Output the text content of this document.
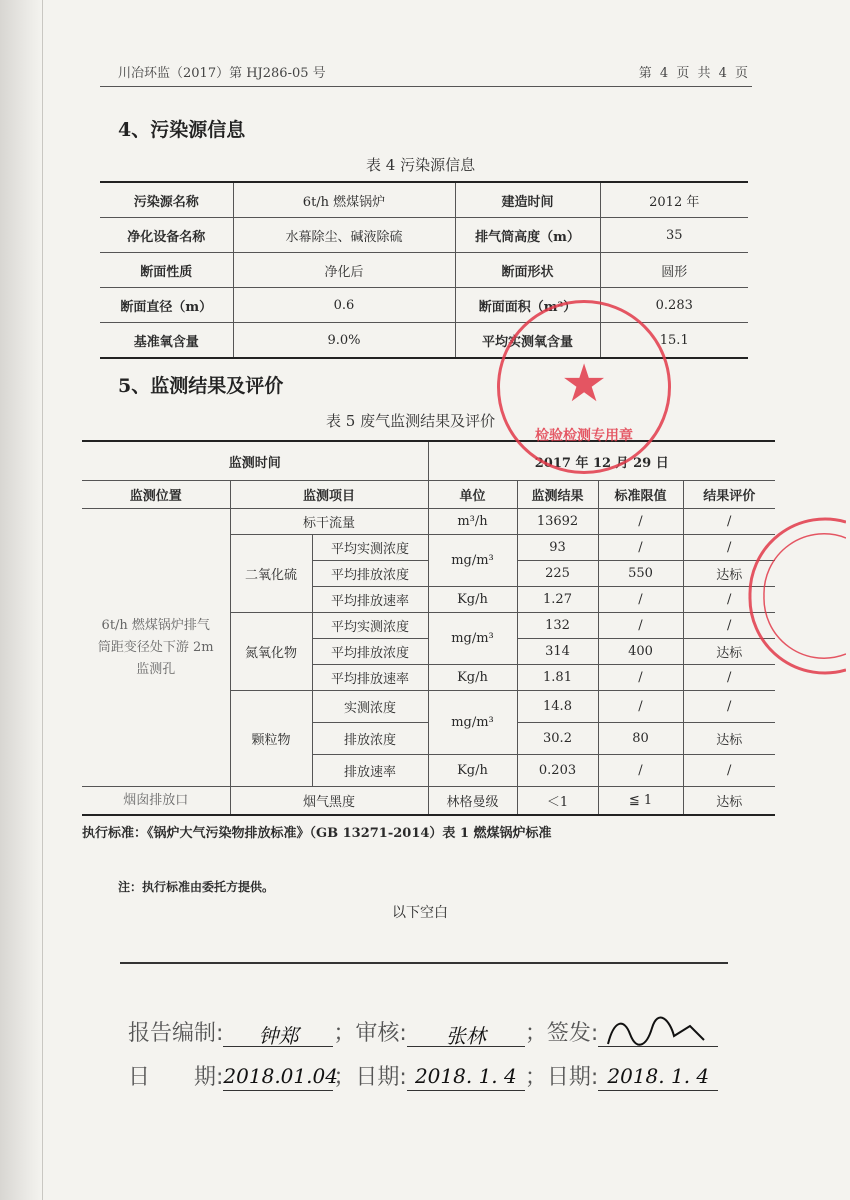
川冶环监（2017）第 HJ286-05 号	第 4 页 共 4 页
4、污染源信息
表 4 污染源信息
污染源名称	6t/h 燃煤锅炉	建造时间	2012 年
净化设备名称	水幕除尘、碱液除硫	排气筒高度（m）	35
断面性质	净化后	断面形状	圆形
断面直径（m）	0.6	断面面积（m²）	0.283
基准氧含量	9.0%	平均实测氧含量	15.1
5、监测结果及评价
表 5 废气监测结果及评价
监测时间			2017 年 12 月 29 日			
监测位置	监测项目		单位	监测结果	标准限值	结果评价
6t/h 燃煤锅炉排气筒距变径处下游 2m 监测孔	标干流量		m³/h	13692	/	/
	二氧化硫	平均实测浓度	mg/m³	93	/	/
		平均排放浓度		225	550	达标
		平均排放速率	Kg/h	1.27	/	/
	氮氧化物	平均实测浓度	mg/m³	132	/	/
		平均排放浓度		314	400	达标
		平均排放速率	Kg/h	1.81	/	/
	颗粒物	实测浓度	mg/m³	14.8	/	/
		排放浓度		30.2	80	达标
		排放速率	Kg/h	0.203	/	/
烟囱排放口	烟气黑度		林格曼级	＜1	≦ 1	达标
执行标准：《锅炉大气污染物排放标准》（GB 13271-2014）表 1 燃煤锅炉标准
注：执行标准由委托方提供。
以下空白
报告编制: 钟郑 ；审核: 张林 ；签发:
日　　期:2018.01.04；日期: 2018. 1. 4 ；日期: 2018. 1. 4
★
检验检测专用章
